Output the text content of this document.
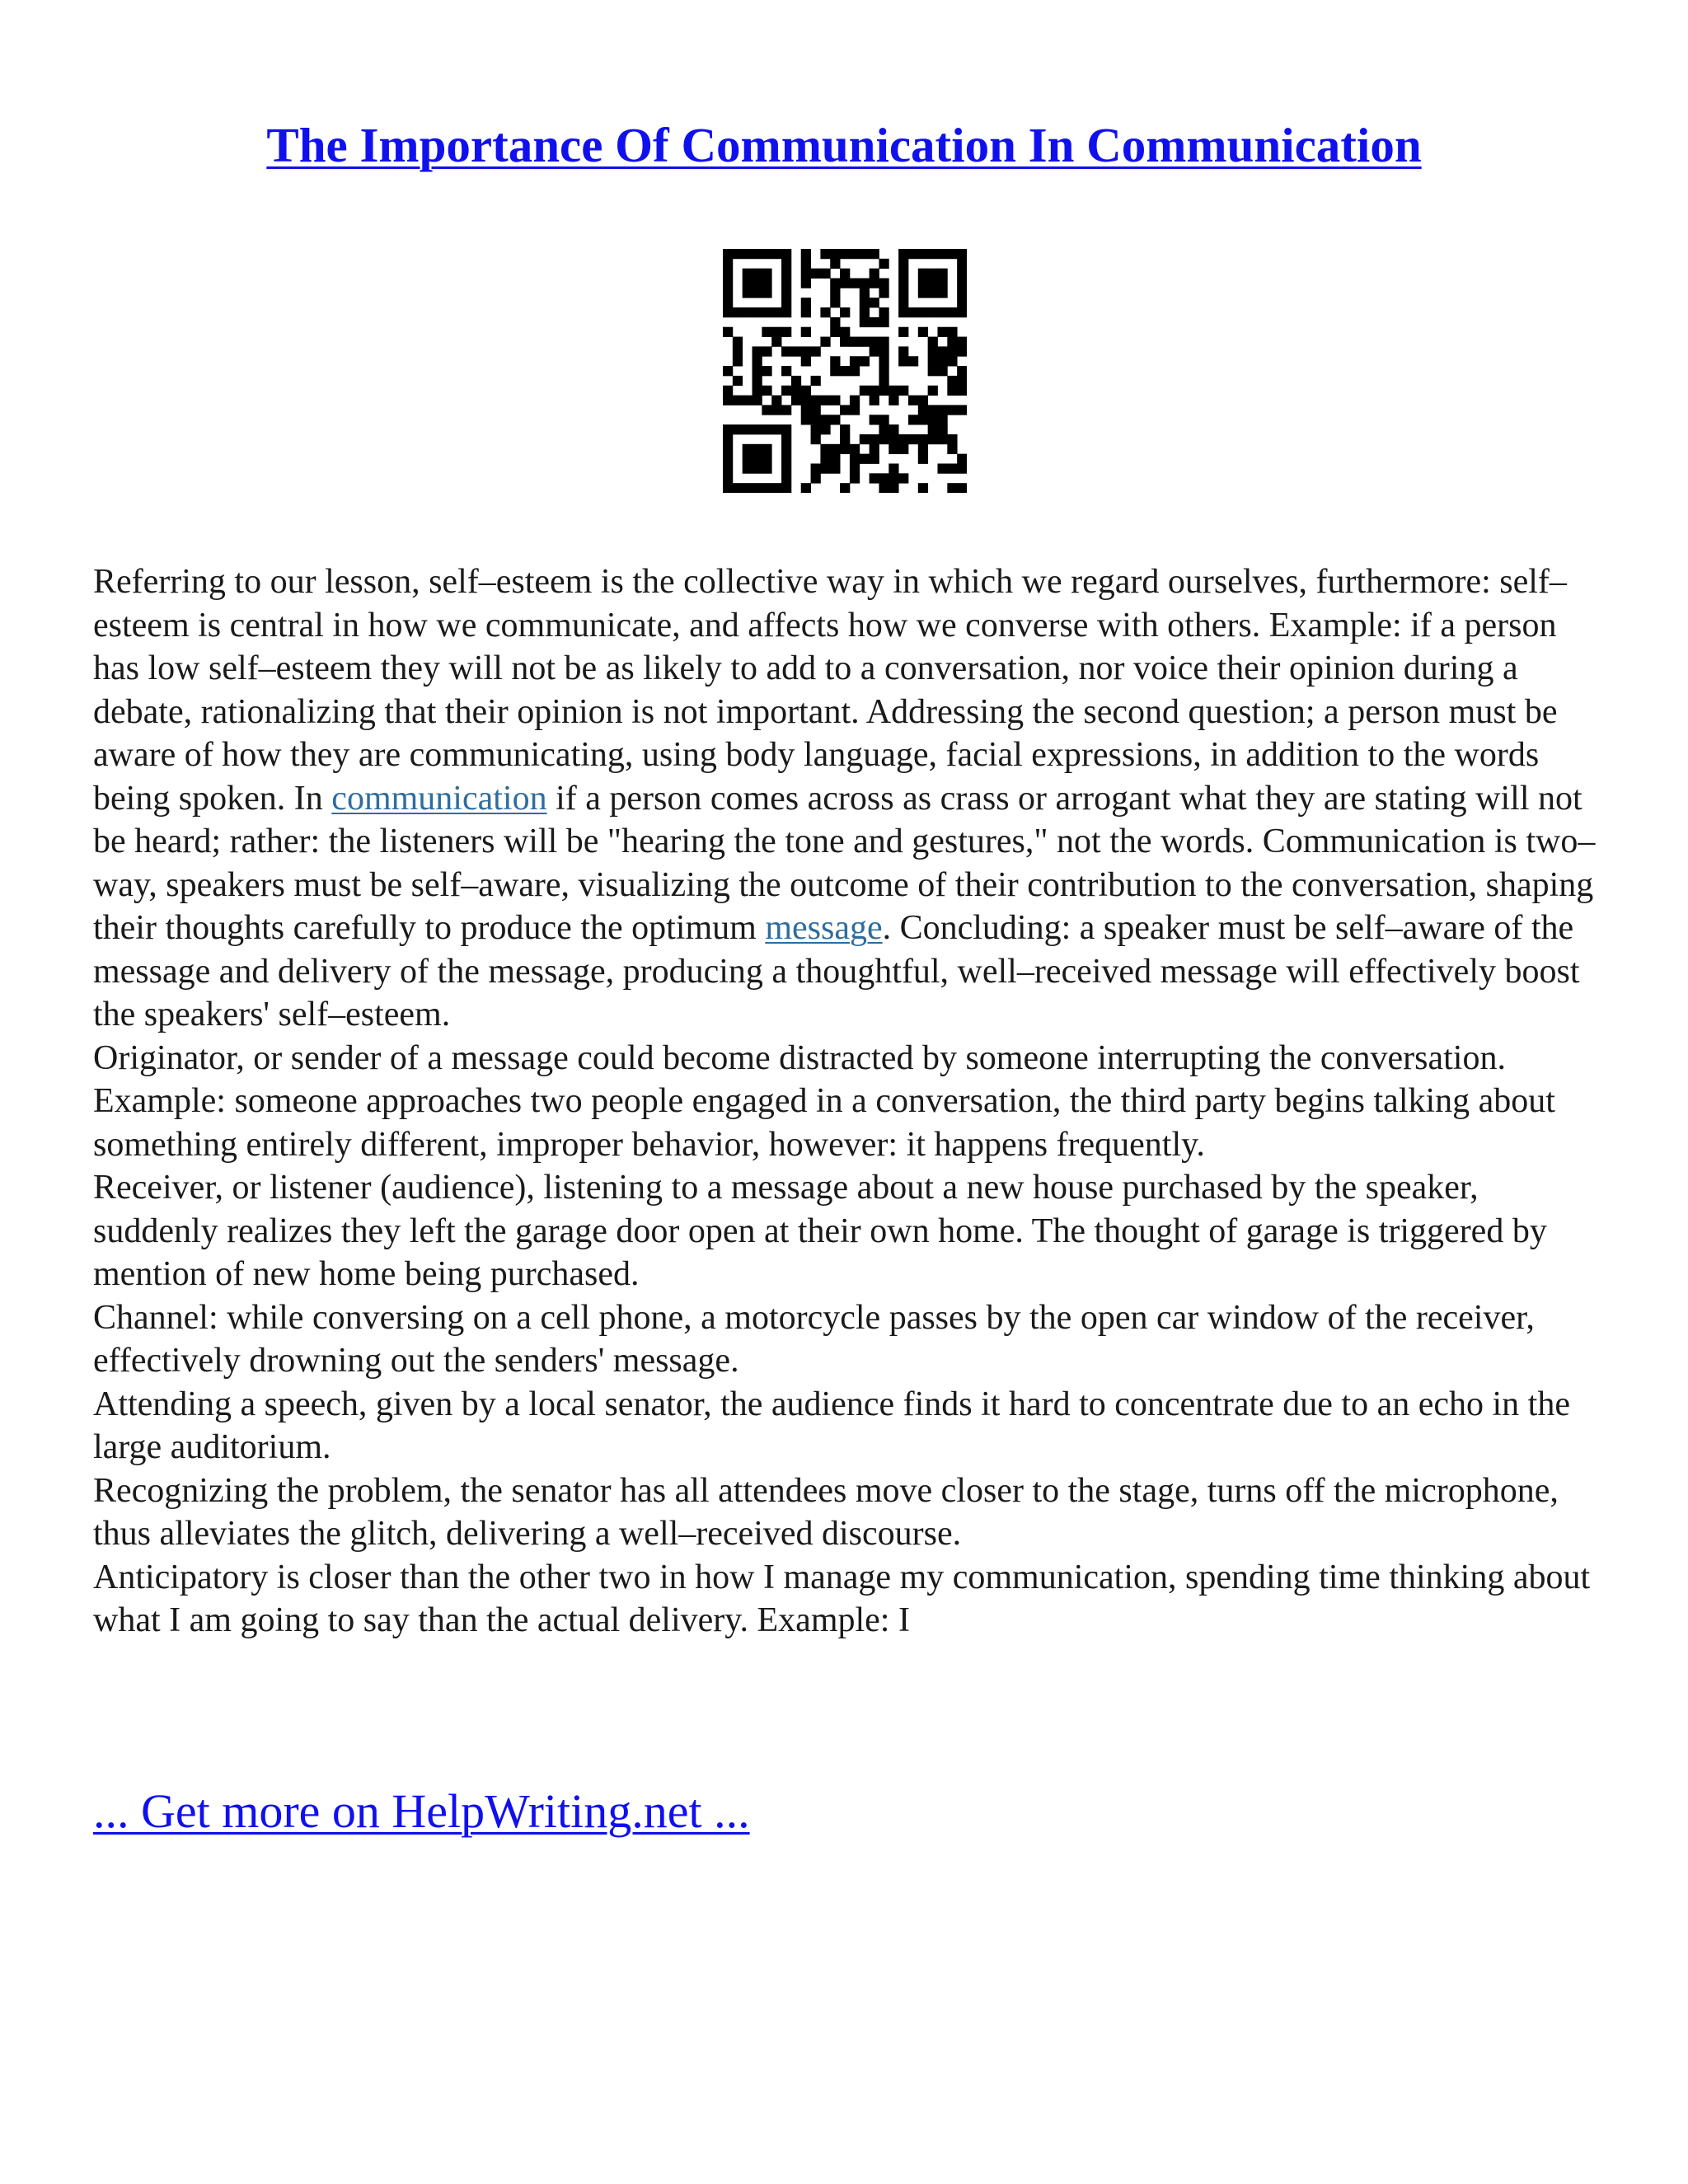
The Importance Of Communication In Communication

Referring to our lesson, self–esteem is the collective way in which we regard ourselves, furthermore: self–esteem is central in how we communicate, and affects how we converse with others. Example: if a person has low self–esteem they will not be as likely to add to a conversation, nor voice their opinion during a debate, rationalizing that their opinion is not important. Addressing the second question; a person must be aware of how they are communicating, using body language, facial expressions, in addition to the words being spoken. In communication if a person comes across as crass or arrogant what they are stating will not be heard; rather: the listeners will be "hearing the tone and gestures," not the words. Communication is two–way, speakers must be self–aware, visualizing the outcome of their contribution to the conversation, shaping their thoughts carefully to produce the optimum message. Concluding: a speaker must be self–aware of the message and delivery of the message, producing a thoughtful, well–received message will effectively boost the speakers' self–esteem.

Originator, or sender of a message could become distracted by someone interrupting the conversation. Example: someone approaches two people engaged in a conversation, the third party begins talking about something entirely different, improper behavior, however: it happens frequently.

Receiver, or listener (audience), listening to a message about a new house purchased by the speaker, suddenly realizes they left the garage door open at their own home. The thought of garage is triggered by mention of new home being purchased.

Channel: while conversing on a cell phone, a motorcycle passes by the open car window of the receiver, effectively drowning out the senders' message.

Attending a speech, given by a local senator, the audience finds it hard to concentrate due to an echo in the large auditorium.

Recognizing the problem, the senator has all attendees move closer to the stage, turns off the microphone, thus alleviates the glitch, delivering a well–received discourse.

Anticipatory is closer than the other two in how I manage my communication, spending time thinking about what I am going to say than the actual delivery. Example: I

... Get more on HelpWriting.net ...
